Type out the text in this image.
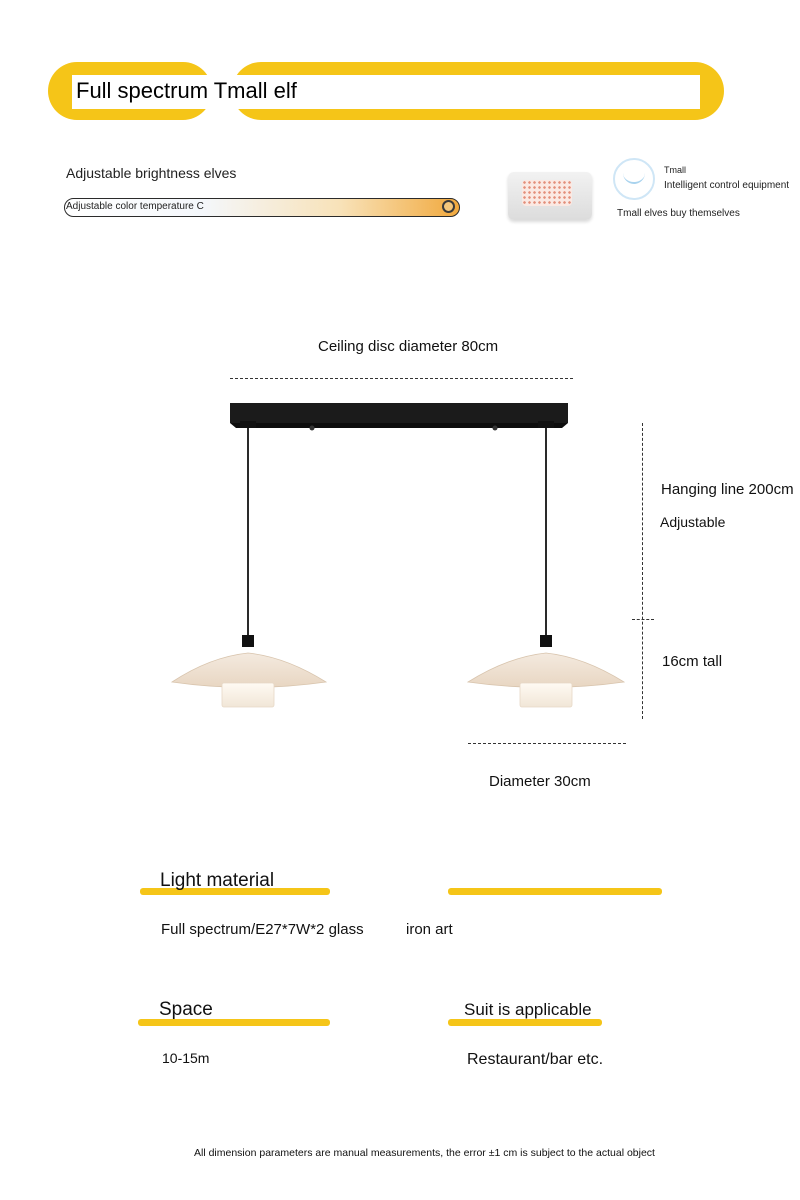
Full spectrum Tmall elf
Adjustable brightness elves
Adjustable color temperature C
Tmall
Intelligent control equipment
Tmall elves buy themselves
Ceiling disc diameter 80cm
Hanging line 200cm
Adjustable
16cm tall
Diameter 30cm
Light material
Full spectrum/E27*7W*2 glass	iron art
Space	Suit is applicable
10-15m	Restaurant/bar etc.
All dimension parameters are manual measurements, the error ±1 cm is subject to the actual object
